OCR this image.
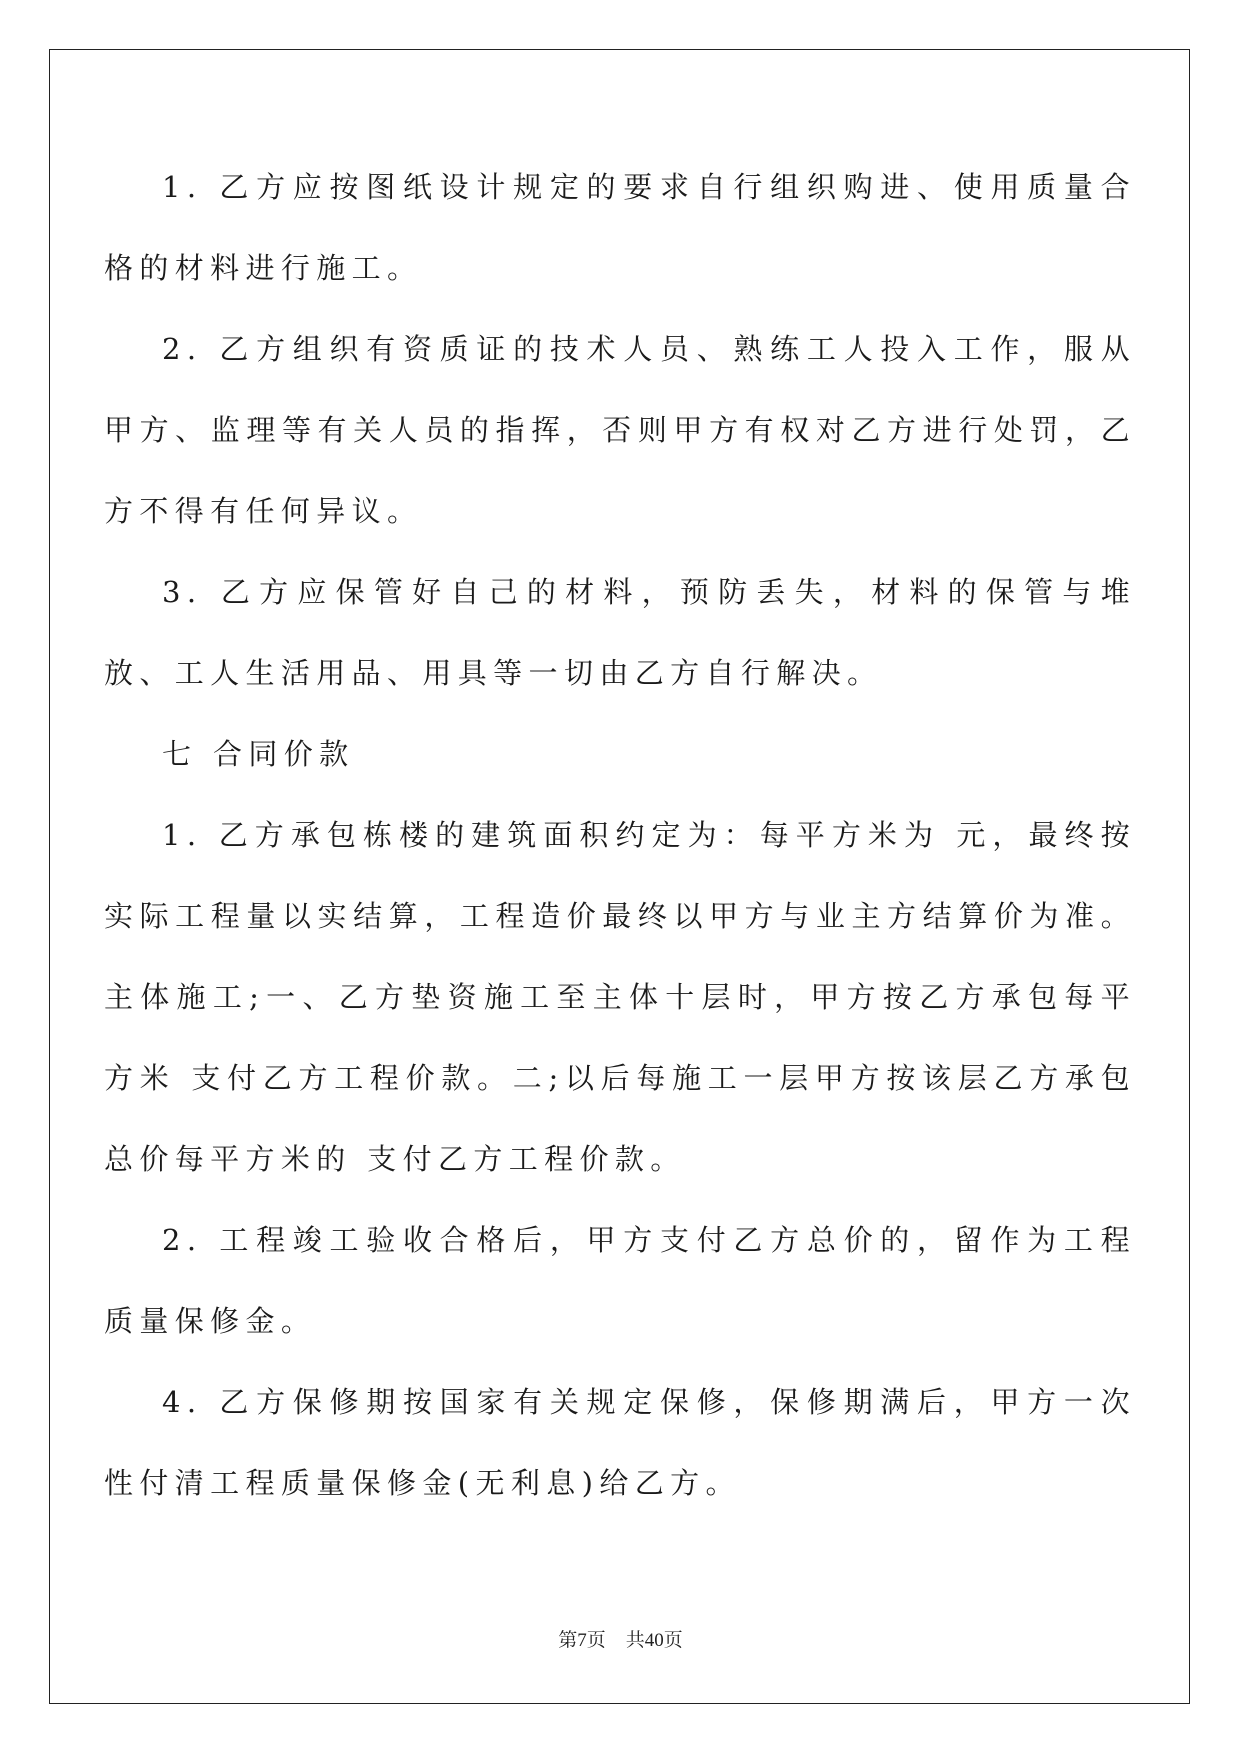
1. 乙方应按图纸设计规定的要求自行组织购进、使用质量合格的材料进行施工。

2. 乙方组织有资质证的技术人员、熟练工人投入工作，服从甲方、监理等有关人员的指挥，否则甲方有权对乙方进行处罚，乙方不得有任何异议。

3. 乙方应保管好自己的材料，预防丢失，材料的保管与堆放、工人生活用品、用具等一切由乙方自行解决。

七 合同价款

1. 乙方承包栋楼的建筑面积约定为：每平方米为 元，最终按实际工程量以实结算，工程造价最终以甲方与业主方结算价为准。主体施工;一、乙方垫资施工至主体十层时，甲方按乙方承包每平方米 支付乙方工程价款。二;以后每施工一层甲方按该层乙方承包总价每平方米的 支付乙方工程价款。

2. 工程竣工验收合格后，甲方支付乙方总价的，留作为工程质量保修金。

4. 乙方保修期按国家有关规定保修，保修期满后，甲方一次性付清工程质量保修金(无利息)给乙方。

第7页 共40页
